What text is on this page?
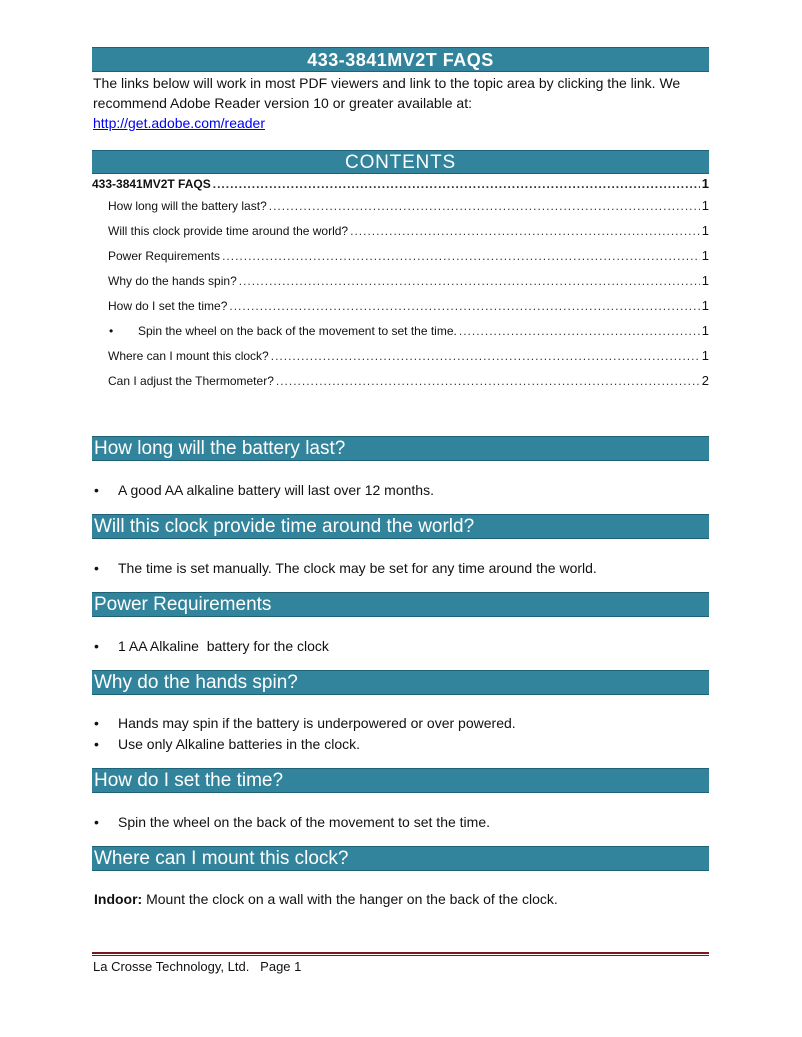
433-3841MV2T FAQS
The links below will work in most PDF viewers and link to the topic area by clicking the link. We recommend Adobe Reader version 10 or greater available at:
http://get.adobe.com/reader
CONTENTS
433-3841MV2T FAQS .....	1
How long will the battery last? .....	1
Will this clock provide time around the world? .....	1
Power Requirements .....	1
Why do the hands spin? .....	1
How do I set the time? .....	1
•	Spin the wheel on the back of the movement to set the time. .....	1
Where can I mount this clock? .....	1
Can I adjust the Thermometer? .....	2
How long will the battery last?
• A good AA alkaline battery will last over 12 months.
Will this clock provide time around the world?
• The time is set manually. The clock may be set for any time around the world.
Power Requirements
• 1 AA Alkaline  battery for the clock
Why do the hands spin?
• Hands may spin if the battery is underpowered or over powered.
• Use only Alkaline batteries in the clock.
How do I set the time?
• Spin the wheel on the back of the movement to set the time.
Where can I mount this clock?
Indoor: Mount the clock on a wall with the hanger on the back of the clock.
La Crosse Technology, Ltd.   Page 1
